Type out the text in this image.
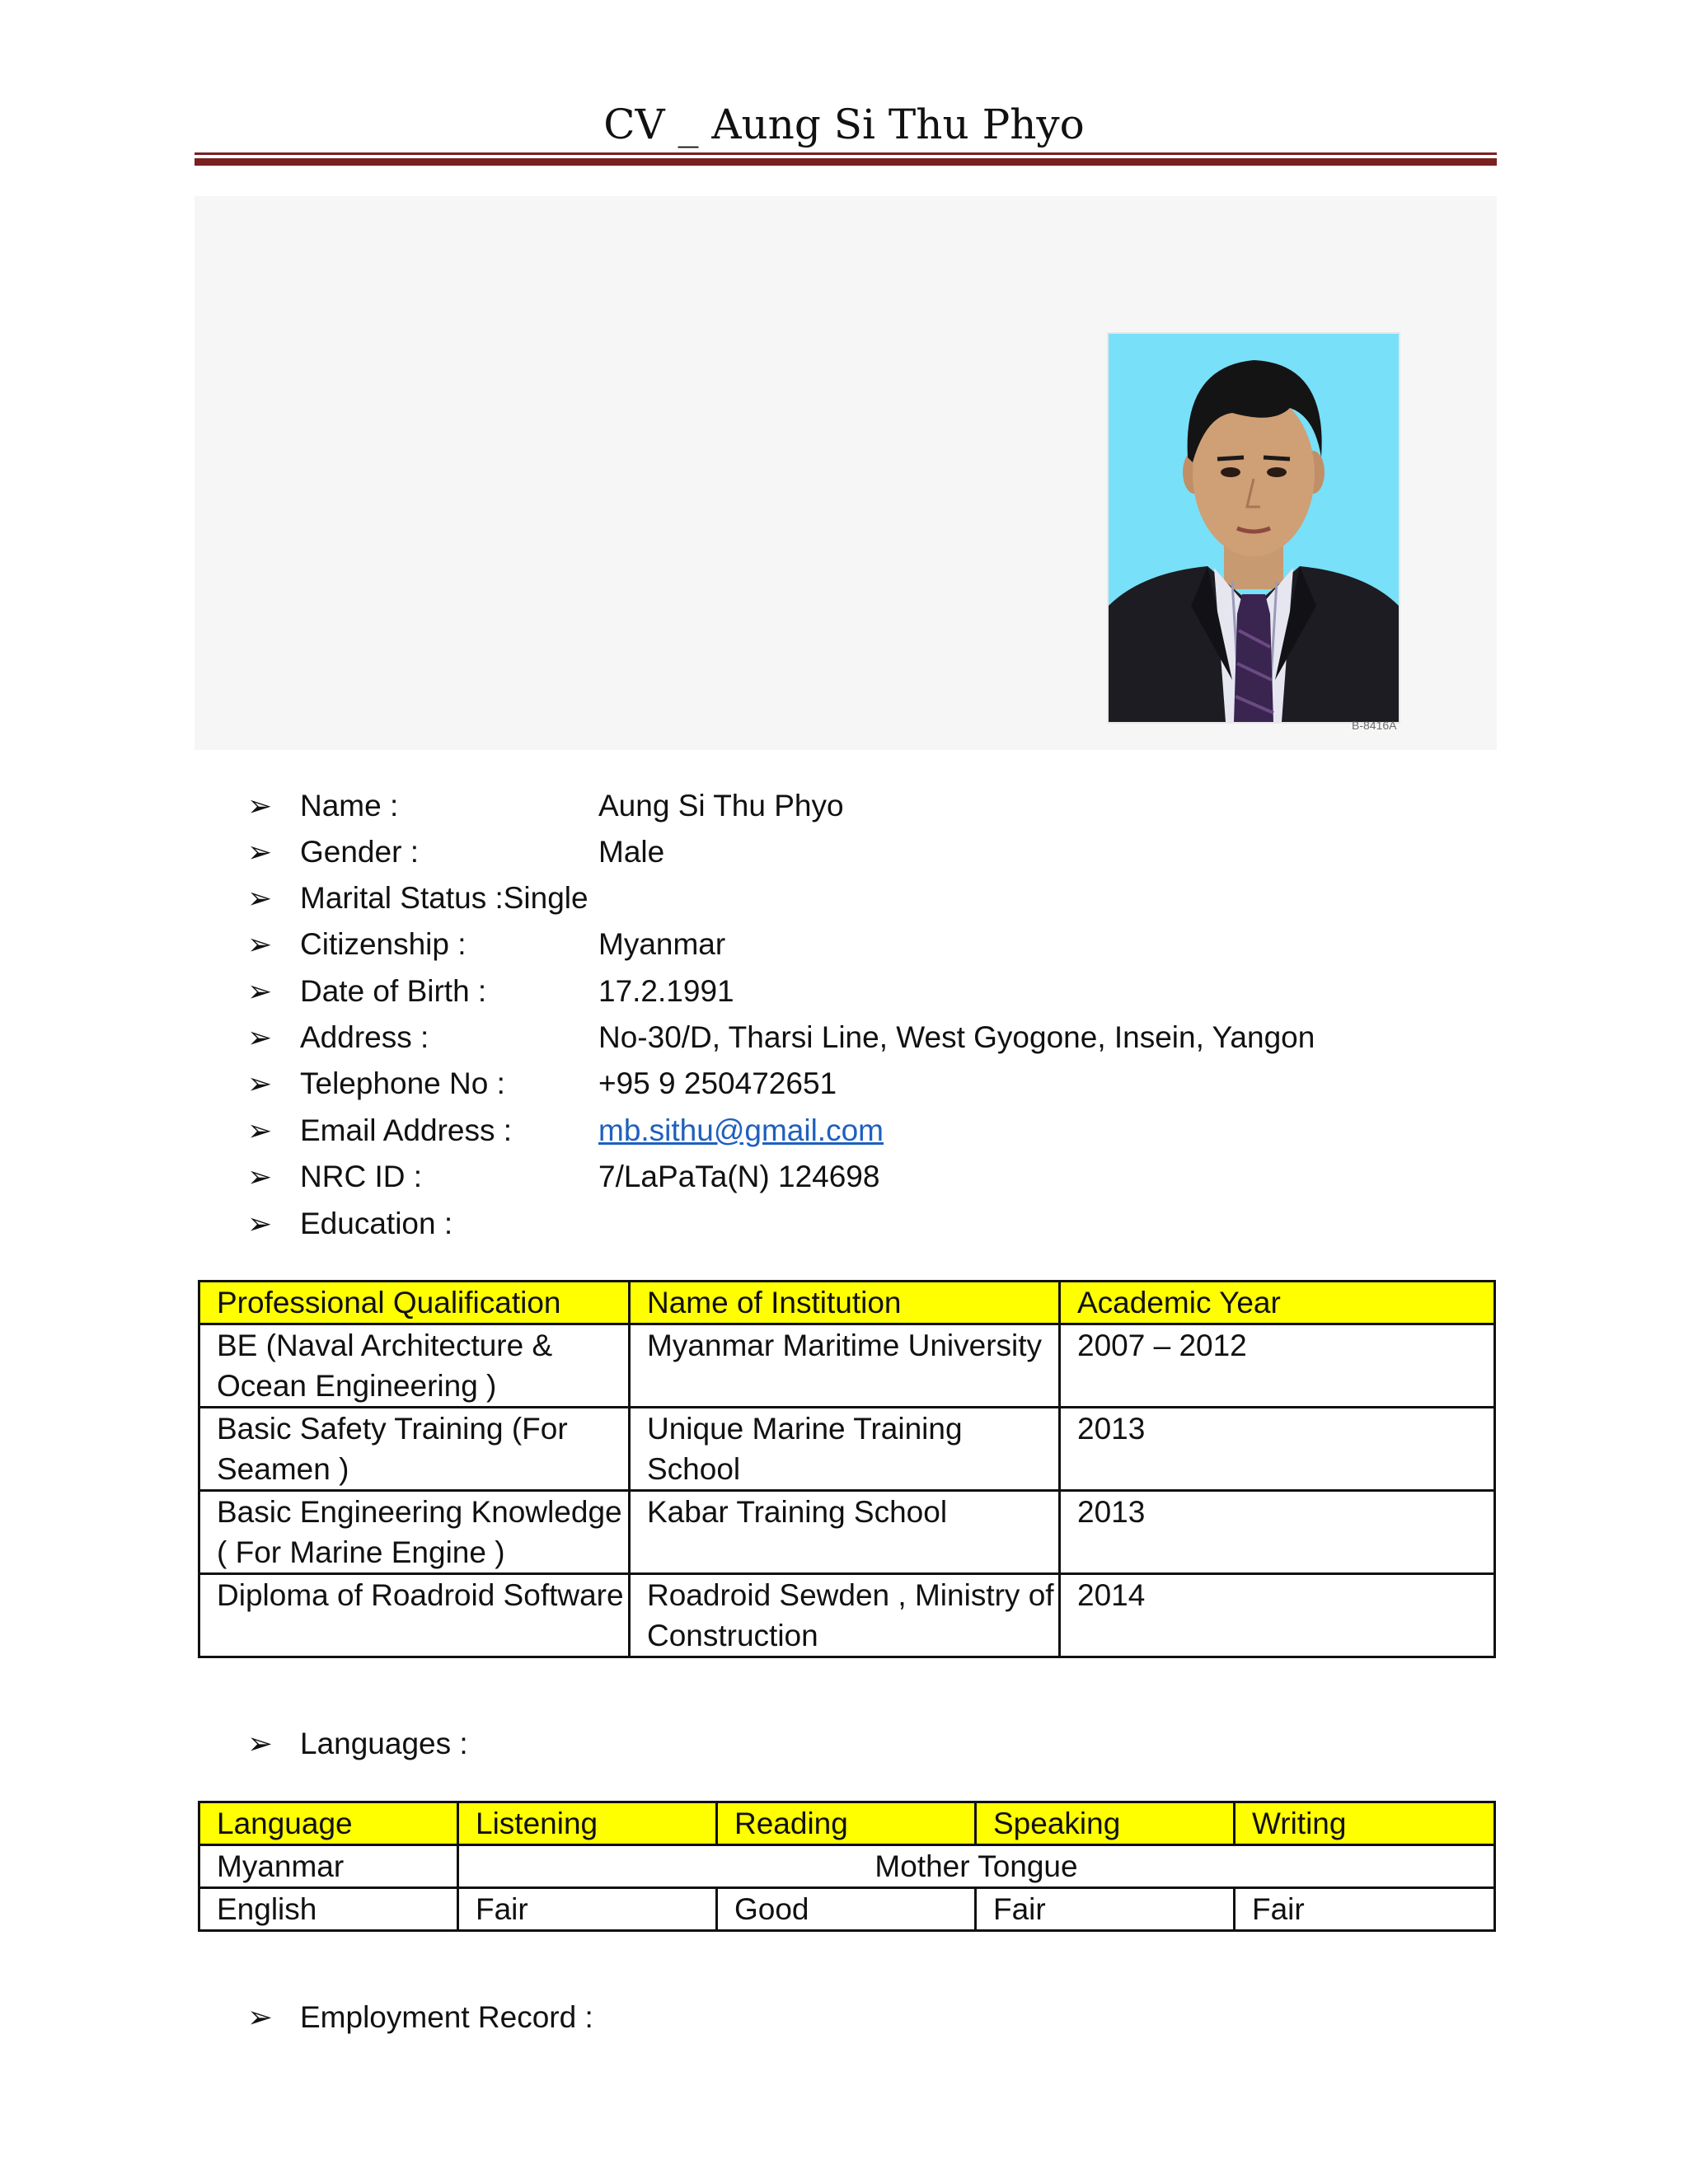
CV _ Aung Si Thu Phyo
B-8416A
➢ Name :	Aung Si Thu Phyo
➢ Gender :	Male
➢ Marital Status :Single
➢ Citizenship :	Myanmar
➢ Date of Birth :	17.2.1991
➢ Address :	No-30/D, Tharsi Line, West Gyogone, Insein, Yangon
➢ Telephone No :	+95 9 250472651
➢ Email Address :	mb.sithu@gmail.com
➢ NRC ID :	7/LaPaTa(N) 124698
➢ Education :
Professional Qualification	Name of Institution	Academic Year
BE (Naval Architecture & Ocean Engineering )	Myanmar Maritime University	2007 – 2012
Basic Safety Training (For Seamen )	Unique Marine Training School	2013
Basic Engineering Knowledge ( For Marine Engine )	Kabar Training School	2013
Diploma of Roadroid Software	Roadroid Sewden , Ministry of Construction	2014
➢ Languages :
Language	Listening	Reading	Speaking	Writing
Myanmar	Mother Tongue			
English	Fair	Good	Fair	Fair
➢ Employment Record :
